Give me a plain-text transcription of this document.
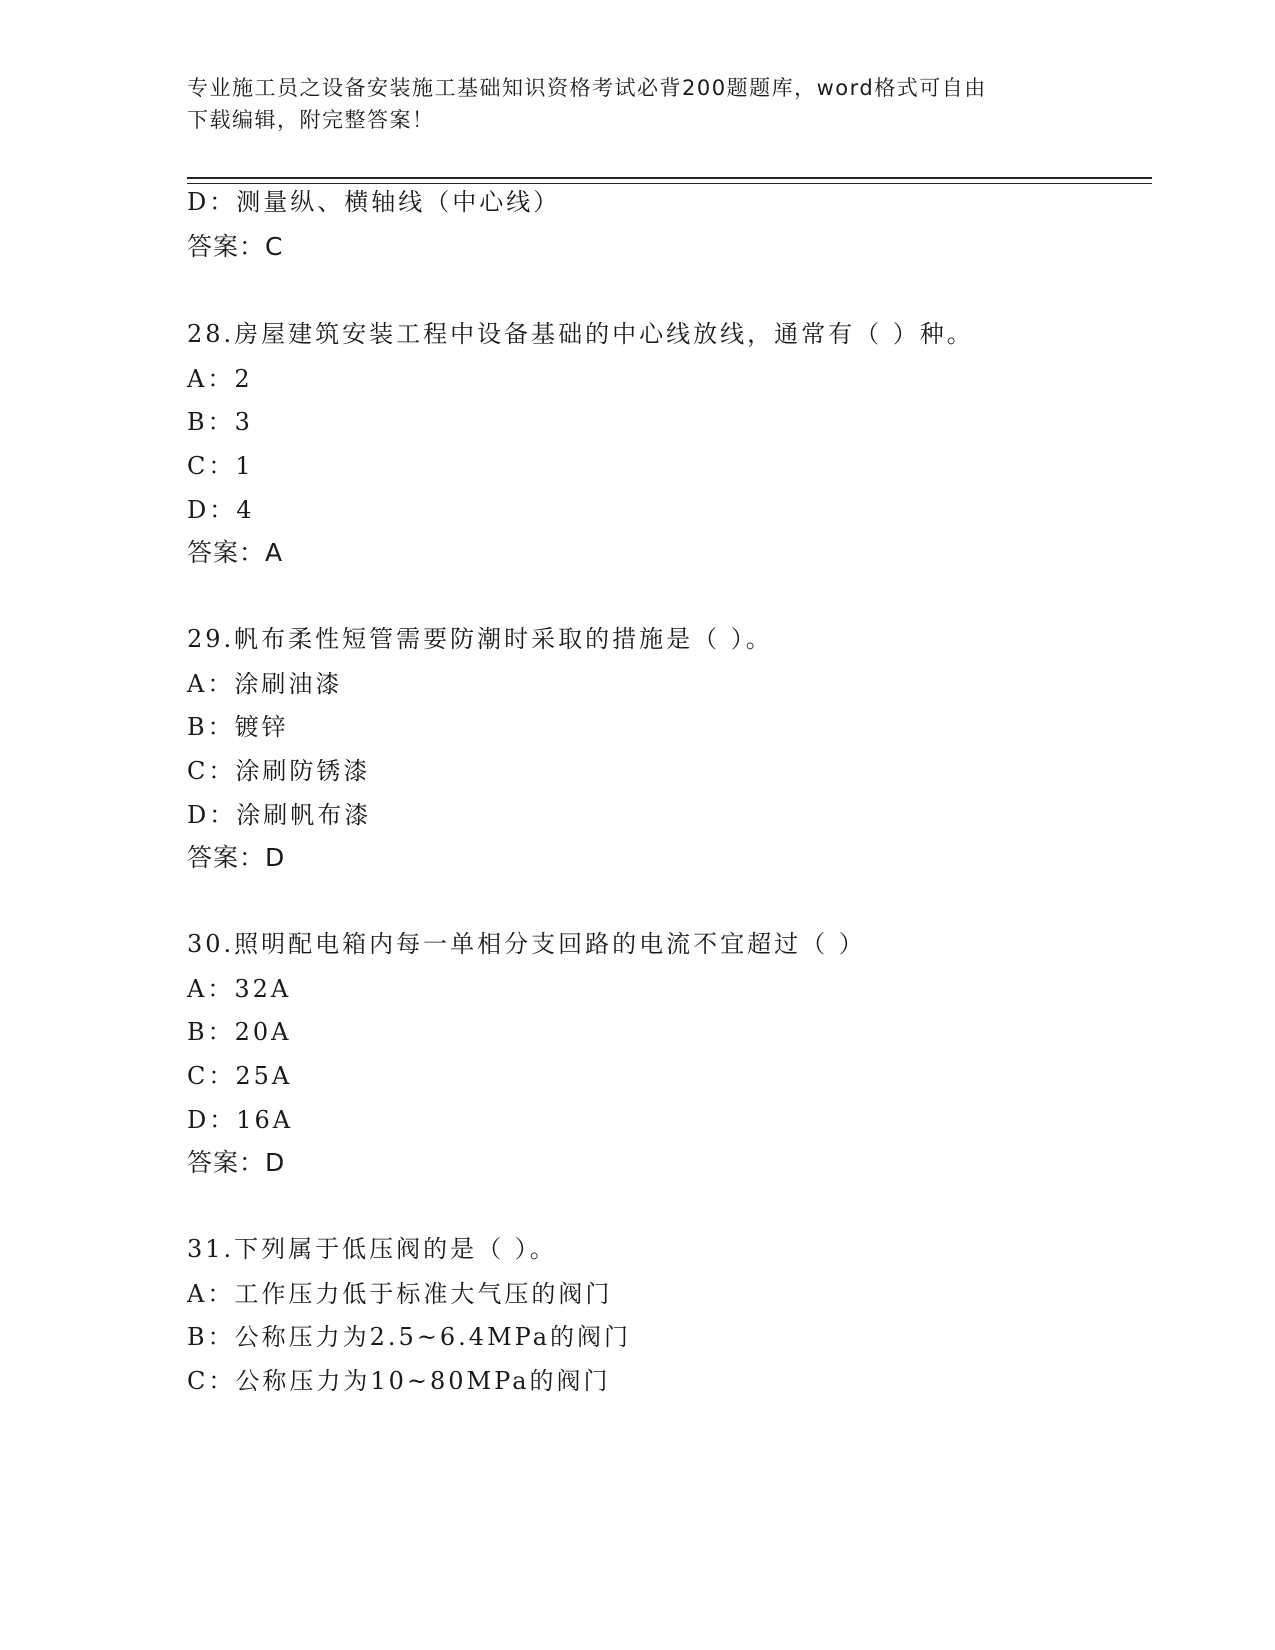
专业施工员之设备安装施工基础知识资格考试必背200题题库，word格式可自由
下载编辑，附完整答案！
D：测量纵、横轴线（中心线）
答案：C
28.房屋建筑安装工程中设备基础的中心线放线，通常有（ ）种。
A：2
B：3
C：1
D：4
答案：A
29.帆布柔性短管需要防潮时采取的措施是（ ）。
A：涂刷油漆
B：镀锌
C：涂刷防锈漆
D：涂刷帆布漆
答案：D
30.照明配电箱内每一单相分支回路的电流不宜超过（ ）
A：32A
B：20A
C：25A
D：16A
答案：D
31.下列属于低压阀的是（ ）。
A：工作压力低于标准大气压的阀门
B：公称压力为2.5~6.4MPa的阀门
C：公称压力为10~80MPa的阀门
